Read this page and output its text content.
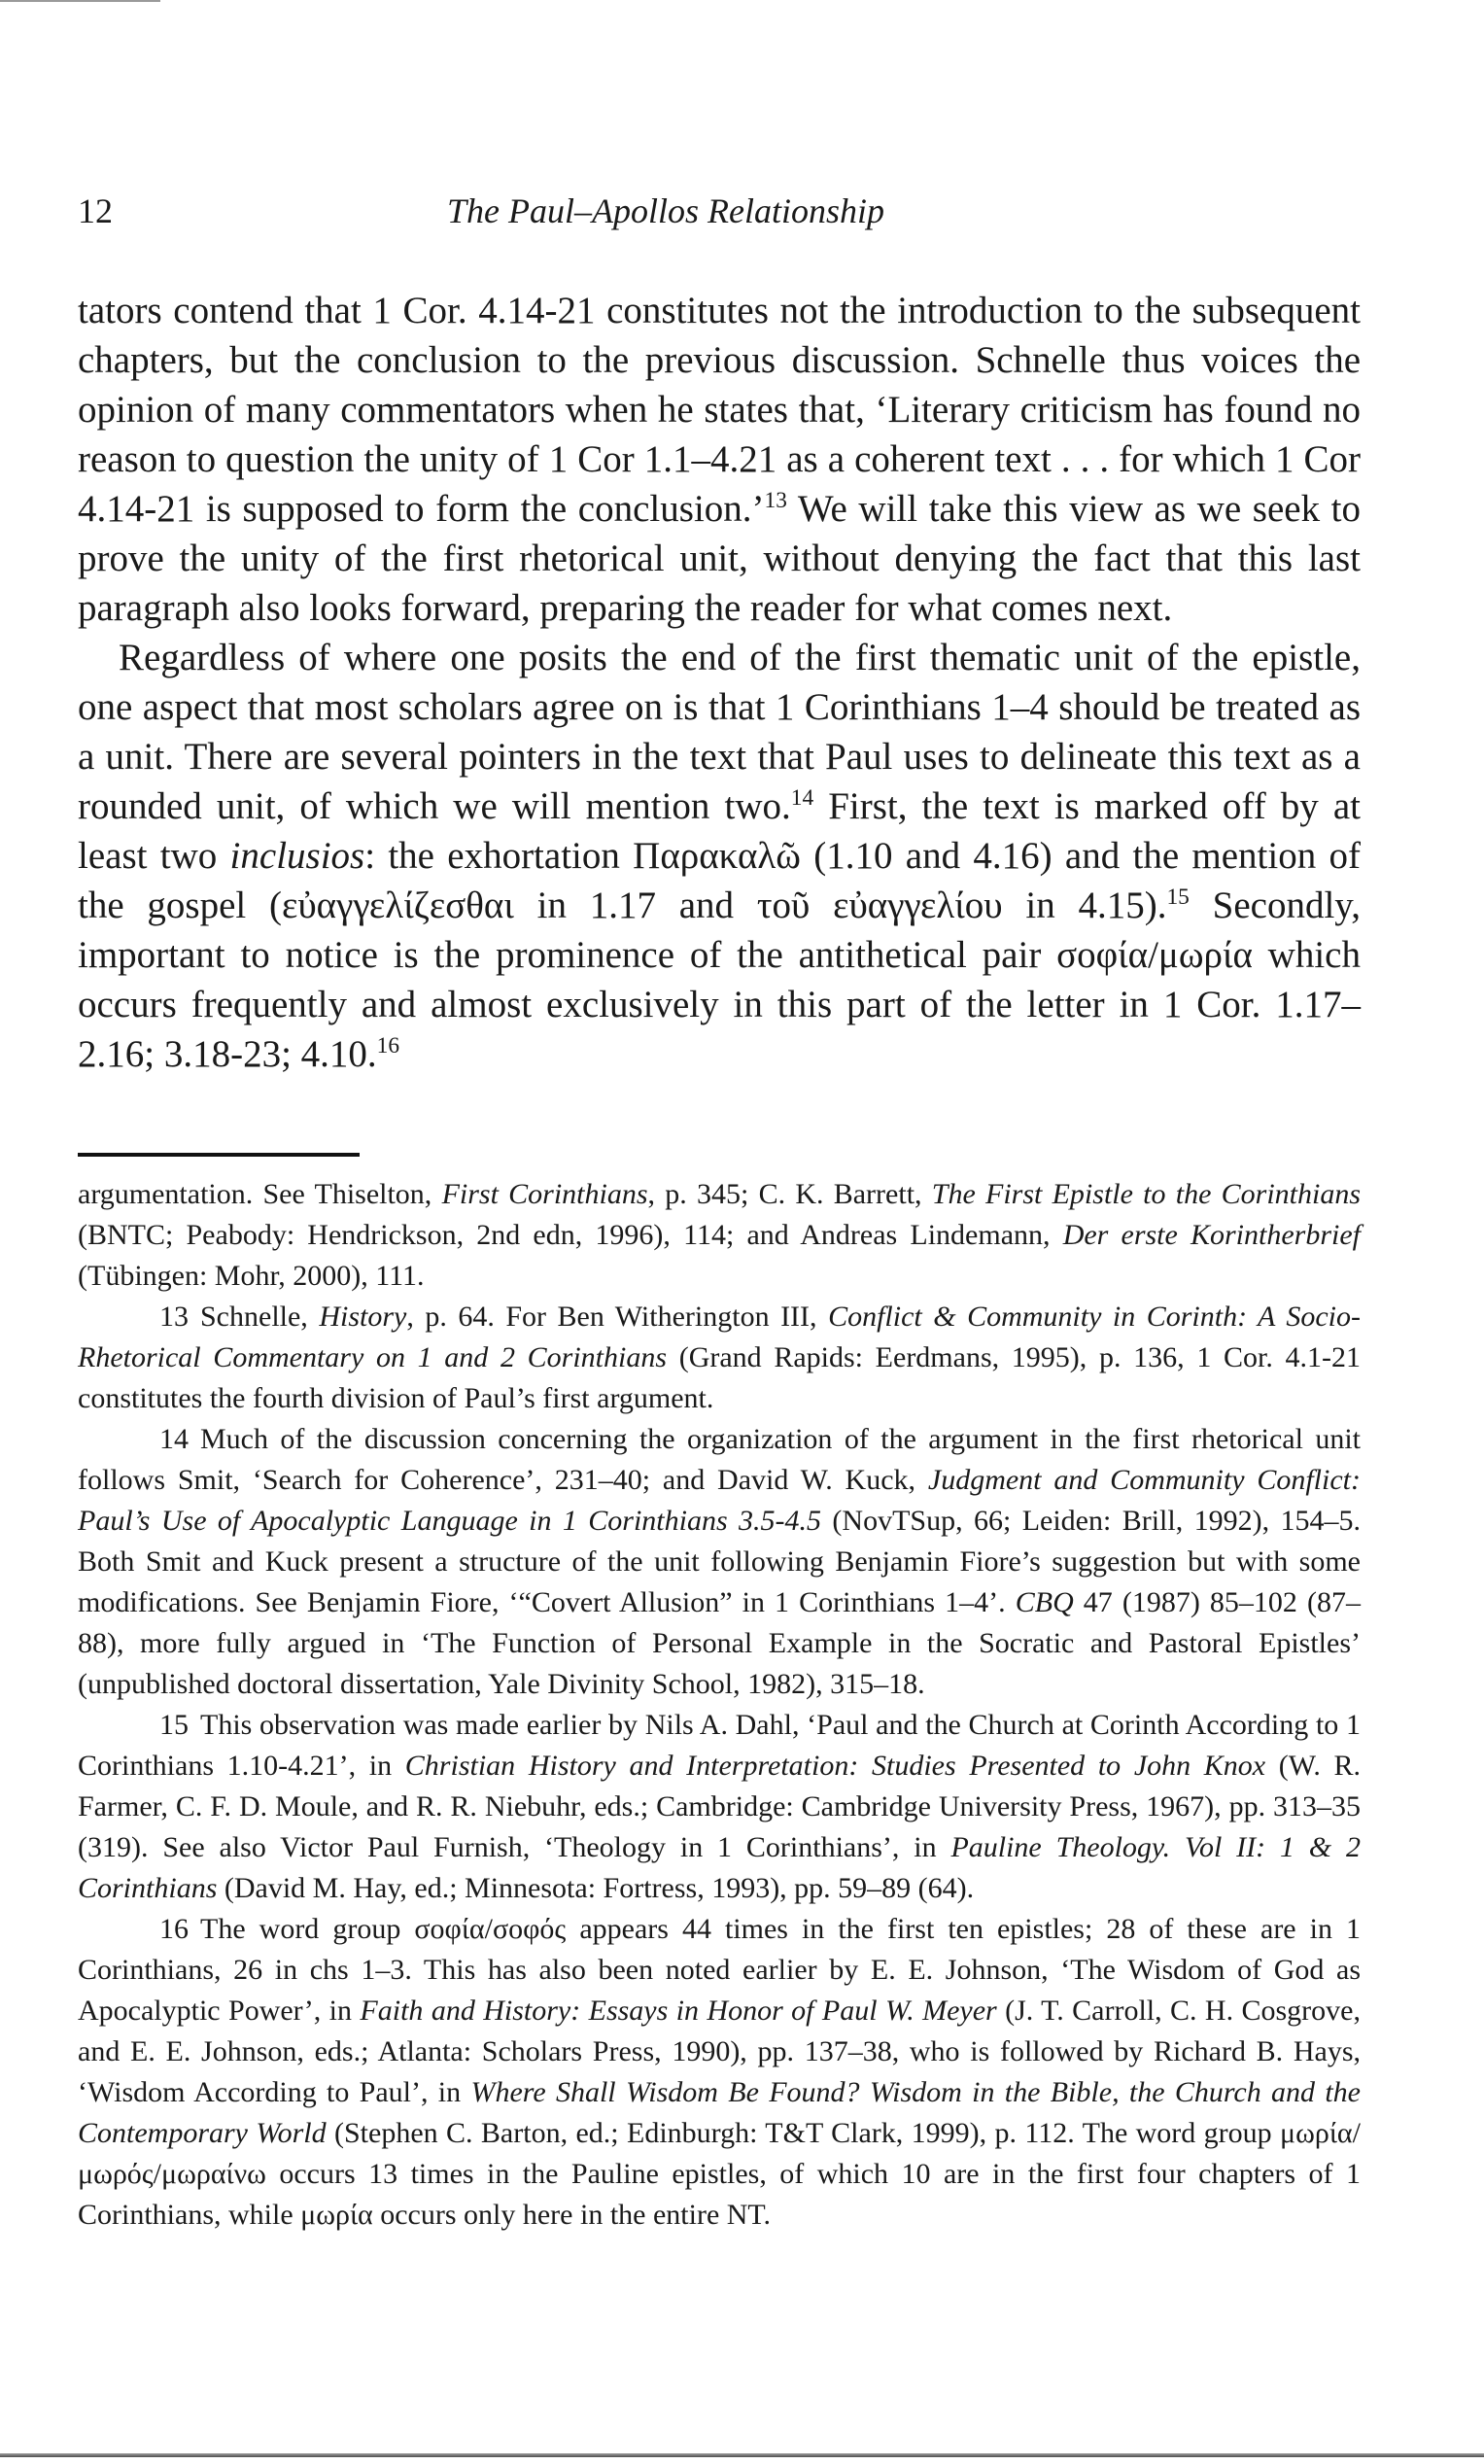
12	The Paul–Apollos Relationship

tators contend that 1 Cor. 4.14-21 constitutes not the introduction to the subsequent chapters, but the conclusion to the previous discussion. Schnelle thus voices the opinion of many commentators when he states that, ‘Literary criticism has found no reason to question the unity of 1 Cor 1.1–4.21 as a coherent text . . . for which 1 Cor 4.14-21 is supposed to form the conclusion.’$^{13}$ We will take this view as we seek to prove the unity of the first rhetorical unit, without denying the fact that this last paragraph also looks forward, preparing the reader for what comes next.

Regardless of where one posits the end of the first thematic unit of the epistle, one aspect that most scholars agree on is that 1 Corinthians 1–4 should be treated as a unit. There are several pointers in the text that Paul uses to delineate this text as a rounded unit, of which we will mention two.$^{14}$ First, the text is marked off by at least two inclusios: the exhortation Παρακαλῶ (1.10 and 4.16) and the mention of the gospel (εὐαγγελίζεσθαι in 1.17 and τοῦ εὐαγγελίου in 4.15).$^{15}$ Secondly, important to notice is the prominence of the antithetical pair σοφία/μωρία which occurs frequently and almost exclusively in this part of the letter in 1 Cor. 1.17–2.16; 3.18-23; 4.10.16

argumentation. See Thiselton, First Corinthians, p. 345; C. K. Barrett, The First Epistle to the Corinthians (BNTC; Peabody: Hendrickson, 2nd edn, 1996), 114; and Andreas Lindemann, Der erste Korintherbrief (Tübingen: Mohr, 2000), 111.

13 Schnelle, History, p. 64. For Ben Witherington III, Conflict & Community in Corinth: A Socio-Rhetorical Commentary on 1 and 2 Corinthians (Grand Rapids: Eerdmans, 1995), p. 136, 1 Cor. 4.1-21 constitutes the fourth division of Paul’s first argument.

14 Much of the discussion concerning the organization of the argument in the first rhetorical unit follows Smit, ‘Search for Coherence’, 231–40; and David W. Kuck, Judgment and Community Conflict: Paul’s Use of Apocalyptic Language in 1 Corinthians 3.5-4.5 (NovTSup, 66; Leiden: Brill, 1992), 154–5. Both Smit and Kuck present a structure of the unit following Benjamin Fiore’s suggestion but with some modifications. See Benjamin Fiore, ‘“Covert Allusion” in 1 Corinthians 1–4’. CBQ 47 (1987) 85–102 (87–88), more fully argued in ‘The Function of Personal Example in the Socratic and Pastoral Epistles’ (unpublished doctoral dissertation, Yale Divinity School, 1982), 315–18.

15 This observation was made earlier by Nils A. Dahl, ‘Paul and the Church at Corinth According to 1 Corinthians 1.10-4.21’, in Christian History and Interpretation: Studies Presented to John Knox (W. R. Farmer, C. F. D. Moule, and R. R. Niebuhr, eds.; Cambridge: Cambridge University Press, 1967), pp. 313–35 (319). See also Victor Paul Furnish, ‘Theology in 1 Corinthians’, in Pauline Theology. Vol II: 1 & 2 Corinthians (David M. Hay, ed.; Minnesota: Fortress, 1993), pp. 59–89 (64).

16 The word group σοφία/σοφός appears 44 times in the first ten epistles; 28 of these are in 1 Corinthians, 26 in chs 1–3. This has also been noted earlier by E. E. Johnson, ‘The Wisdom of God as Apocalyptic Power’, in Faith and History: Essays in Honor of Paul W. Meyer (J. T. Carroll, C. H. Cosgrove, and E. E. Johnson, eds.; Atlanta: Scholars Press, 1990), pp. 137–38, who is followed by Richard B. Hays, ‘Wisdom According to Paul’, in Where Shall Wisdom Be Found? Wisdom in the Bible, the Church and the Contemporary World (Stephen C. Barton, ed.; Edinburgh: T&T Clark, 1999), p. 112. The word group μωρία/μωρός/μωραίνω occurs 13 times in the Pauline epistles, of which 10 are in the first four chapters of 1 Corinthians, while μωρία occurs only here in the entire NT.
